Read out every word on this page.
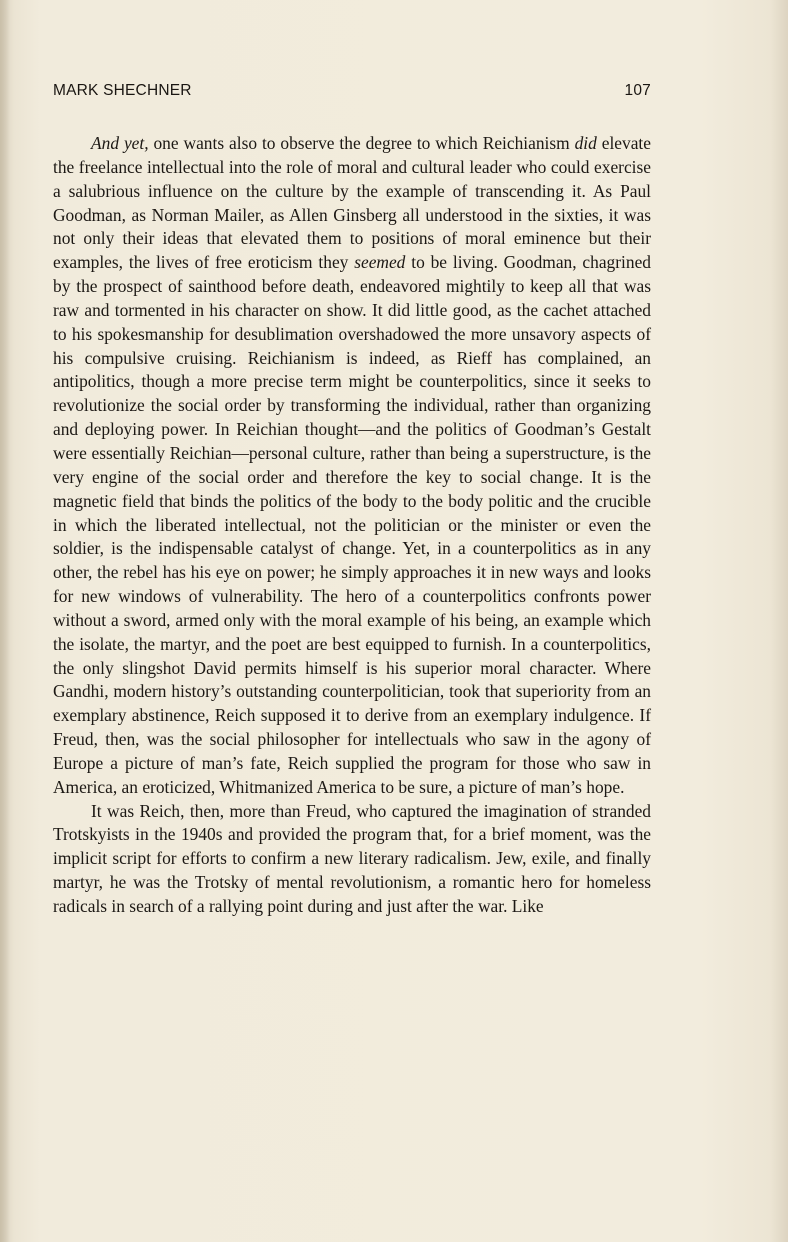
MARK SHECHNER	107

And yet, one wants also to observe the degree to which Reichianism did elevate the freelance intellectual into the role of moral and cultural leader who could exercise a salubrious influence on the culture by the example of transcending it. As Paul Goodman, as Norman Mailer, as Allen Ginsberg all understood in the sixties, it was not only their ideas that elevated them to positions of moral eminence but their examples, the lives of free eroticism they seemed to be living. Goodman, chagrined by the prospect of sainthood before death, endeavored mightily to keep all that was raw and tormented in his character on show. It did little good, as the cachet attached to his spokesmanship for desublimation overshadowed the more unsavory aspects of his compulsive cruising. Reichianism is indeed, as Rieff has complained, an antipolitics, though a more precise term might be counterpolitics, since it seeks to revolutionize the social order by transforming the individual, rather than organizing and deploying power. In Reichian thought—and the politics of Goodman’s Gestalt were essentially Reichian—personal culture, rather than being a superstructure, is the very engine of the social order and therefore the key to social change. It is the magnetic field that binds the politics of the body to the body politic and the crucible in which the liberated intellectual, not the politician or the minister or even the soldier, is the indispensable catalyst of change. Yet, in a counterpolitics as in any other, the rebel has his eye on power; he simply approaches it in new ways and looks for new windows of vulnerability. The hero of a counterpolitics confronts power without a sword, armed only with the moral example of his being, an example which the isolate, the martyr, and the poet are best equipped to furnish. In a counterpolitics, the only slingshot David permits himself is his superior moral character. Where Gandhi, modern history’s outstanding counterpolitician, took that superiority from an exemplary abstinence, Reich supposed it to derive from an exemplary indulgence. If Freud, then, was the social philosopher for intellectuals who saw in the agony of Europe a picture of man’s fate, Reich supplied the program for those who saw in America, an eroticized, Whitmanized America to be sure, a picture of man’s hope.

It was Reich, then, more than Freud, who captured the imagination of stranded Trotskyists in the 1940s and provided the program that, for a brief moment, was the implicit script for efforts to confirm a new literary radicalism. Jew, exile, and finally martyr, he was the Trotsky of mental revolutionism, a romantic hero for homeless radicals in search of a rallying point during and just after the war. Like
